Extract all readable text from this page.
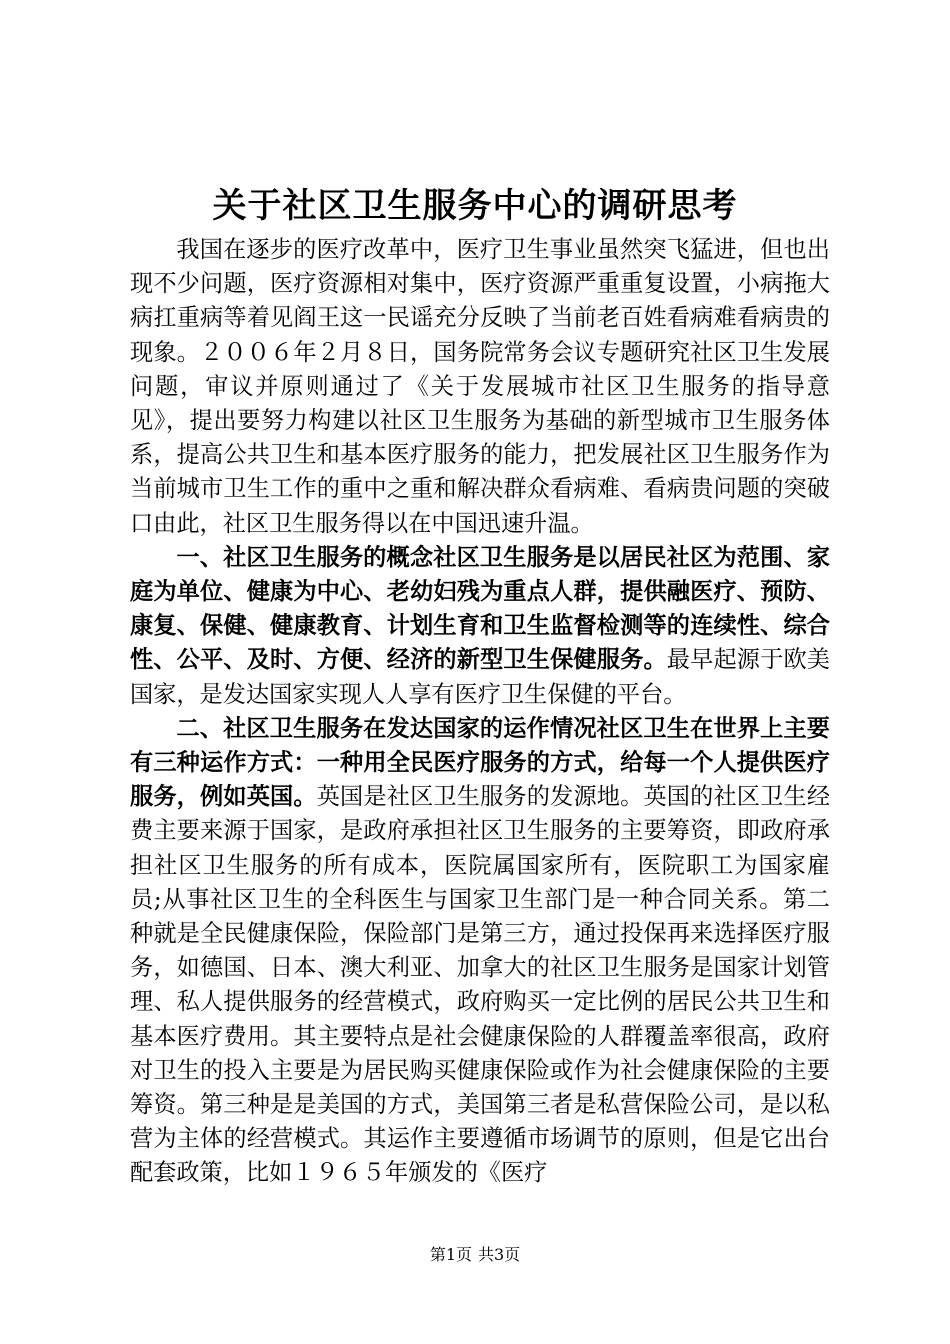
关于社区卫生服务中心的调研思考

我国在逐步的医疗改革中，医疗卫生事业虽然突飞猛进，但也出现不少问题，医疗资源相对集中，医疗资源严重重复设置，小病拖大病扛重病等着见阎王这一民谣充分反映了当前老百姓看病难看病贵的现象。２００６年２月８日，国务院常务会议专题研究社区卫生发展问题，审议并原则通过了《关于发展城市社区卫生服务的指导意见》，提出要努力构建以社区卫生服务为基础的新型城市卫生服务体系，提高公共卫生和基本医疗服务的能力，把发展社区卫生服务作为当前城市卫生工作的重中之重和解决群众看病难、看病贵问题的突破口由此，社区卫生服务得以在中国迅速升温。

一、社区卫生服务的概念社区卫生服务是以居民社区为范围、家庭为单位、健康为中心、老幼妇残为重点人群，提供融医疗、预防、康复、保健、健康教育、计划生育和卫生监督检测等的连续性、综合性、公平、及时、方便、经济的新型卫生保健服务。最早起源于欧美国家，是发达国家实现人人享有医疗卫生保健的平台。

二、社区卫生服务在发达国家的运作情况社区卫生在世界上主要有三种运作方式：一种用全民医疗服务的方式，给每一个人提供医疗服务，例如英国。英国是社区卫生服务的发源地。英国的社区卫生经费主要来源于国家，是政府承担社区卫生服务的主要筹资，即政府承担社区卫生服务的所有成本，医院属国家所有，医院职工为国家雇员;从事社区卫生的全科医生与国家卫生部门是一种合同关系。第二种就是全民健康保险，保险部门是第三方，通过投保再来选择医疗服务，如德国、日本、澳大利亚、加拿大的社区卫生服务是国家计划管理、私人提供服务的经营模式，政府购买一定比例的居民公共卫生和基本医疗费用。其主要特点是社会健康保险的人群覆盖率很高，政府对卫生的投入主要是为居民购买健康保险或作为社会健康保险的主要筹资。第三种是是美国的方式，美国第三者是私营保险公司，是以私营为主体的经营模式。其运作主要遵循市场调节的原则，但是它出台配套政策，比如１９６５年颁发的《医疗

第1页 共3页
